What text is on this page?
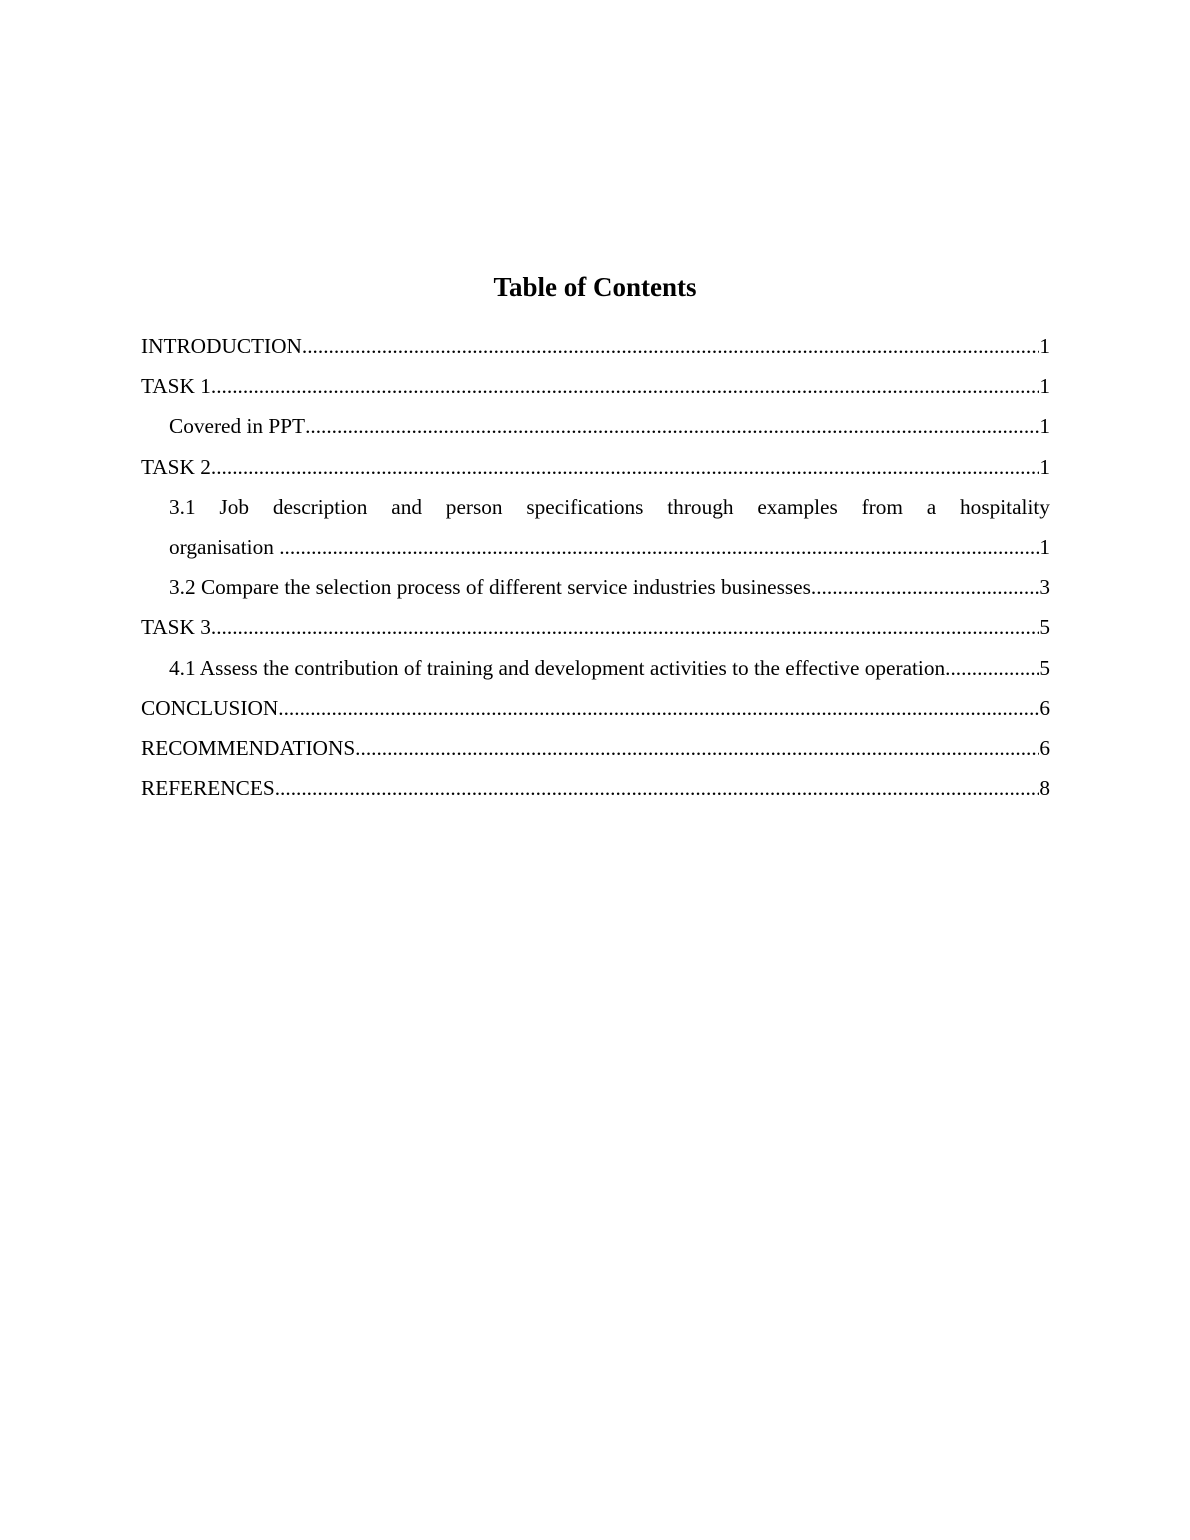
Table of Contents
INTRODUCTION .....	1
TASK 1 .....	1
Covered in PPT .....	1
TASK 2 .....	1
3.1 Job description and person specifications through examples from a hospitality
organisation .....	1
3.2 Compare the selection process of different service industries businesses .....	3
TASK 3 .....	5
4.1 Assess the contribution of training and development activities to the effective operation .....	5
CONCLUSION .....	6
RECOMMENDATIONS .....	6
REFERENCES .....	8
